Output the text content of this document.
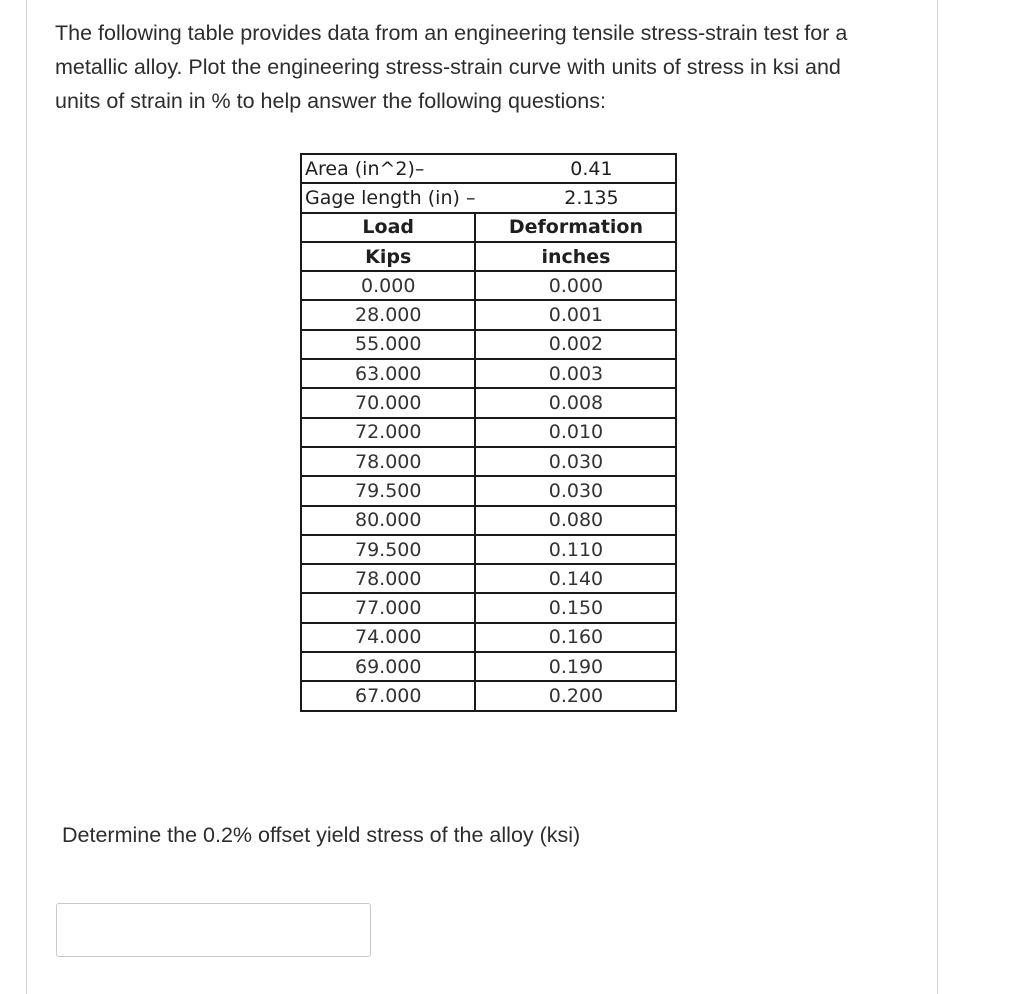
The following table provides data from an engineering tensile stress-strain test for a
metallic alloy. Plot the engineering stress-strain curve with units of stress in ksi and
units of strain in % to help answer the following questions:

Area (in^2)–	0.41
Gage length (in) –	2.135
Load	Deformation
Kips	inches
0.000	0.000
28.000	0.001
55.000	0.002
63.000	0.003
70.000	0.008
72.000	0.010
78.000	0.030
79.500	0.030
80.000	0.080
79.500	0.110
78.000	0.140
77.000	0.150
74.000	0.160
69.000	0.190
67.000	0.200

Determine the 0.2% offset yield stress of the alloy (ksi)
